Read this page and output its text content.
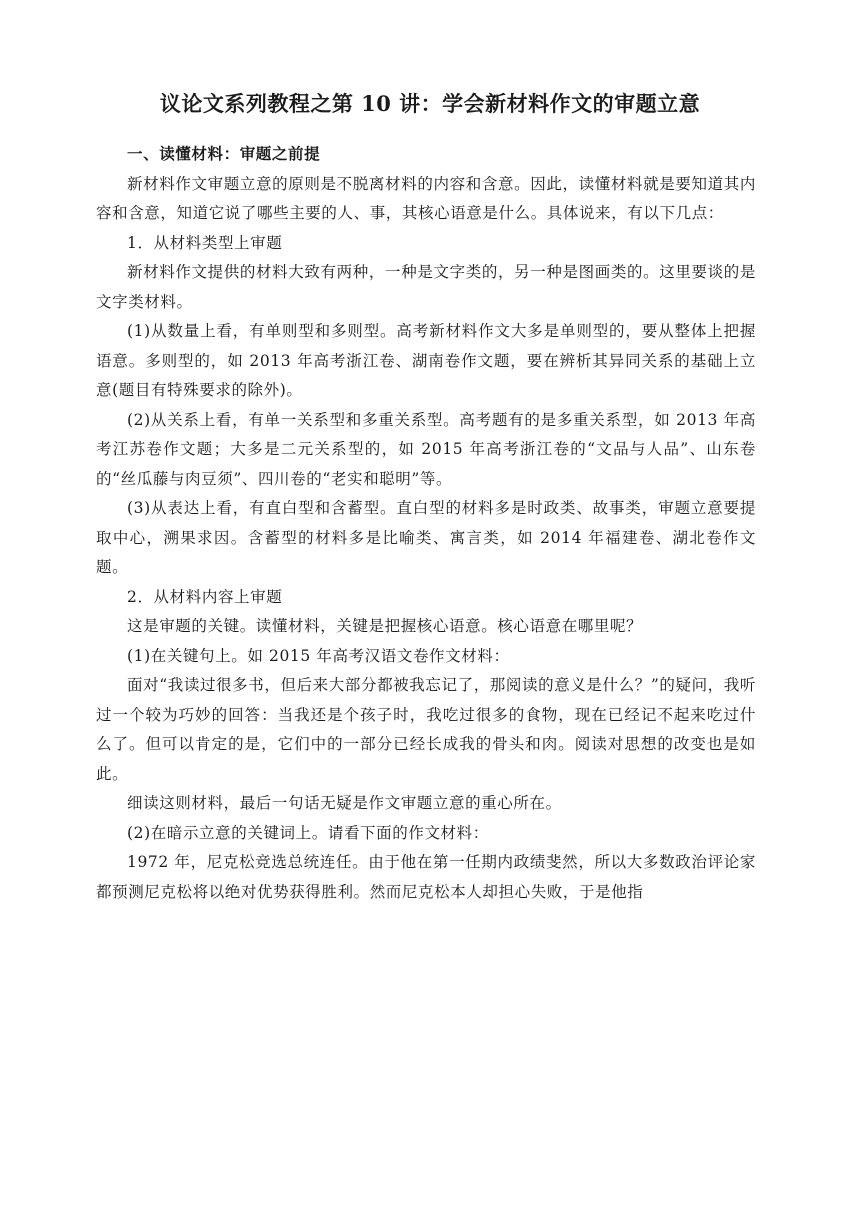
议论文系列教程之第 10 讲：学会新材料作文的审题立意

一、读懂材料：审题之前提

新材料作文审题立意的原则是不脱离材料的内容和含意。因此，读懂材料就是要知道其内容和含意，知道它说了哪些主要的人、事，其核心语意是什么。具体说来，有以下几点：

1．从材料类型上审题

新材料作文提供的材料大致有两种，一种是文字类的，另一种是图画类的。这里要谈的是文字类材料。

(1)从数量上看，有单则型和多则型。高考新材料作文大多是单则型的，要从整体上把握语意。多则型的，如 2013 年高考浙江卷、湖南卷作文题，要在辨析其异同关系的基础上立意(题目有特殊要求的除外)。

(2)从关系上看，有单一关系型和多重关系型。高考题有的是多重关系型，如 2013 年高考江苏卷作文题；大多是二元关系型的，如 2015 年高考浙江卷的“文品与人品”、山东卷的“丝瓜藤与肉豆须”、四川卷的“老实和聪明”等。

(3)从表达上看，有直白型和含蓄型。直白型的材料多是时政类、故事类，审题立意要提取中心，溯果求因。含蓄型的材料多是比喻类、寓言类，如 2014 年福建卷、湖北卷作文题。

2．从材料内容上审题

这是审题的关键。读懂材料，关键是把握核心语意。核心语意在哪里呢？

(1)在关键句上。如 2015 年高考汉语文卷作文材料：

面对“我读过很多书，但后来大部分都被我忘记了，那阅读的意义是什么？”的疑问，我听过一个较为巧妙的回答：当我还是个孩子时，我吃过很多的食物，现在已经记不起来吃过什么了。但可以肯定的是，它们中的一部分已经长成我的骨头和肉。阅读对思想的改变也是如此。

细读这则材料，最后一句话无疑是作文审题立意的重心所在。

(2)在暗示立意的关键词上。请看下面的作文材料：

1972 年，尼克松竞选总统连任。由于他在第一任期内政绩斐然，所以大多数政治评论家都预测尼克松将以绝对优势获得胜利。然而尼克松本人却担心失败，于是他指
